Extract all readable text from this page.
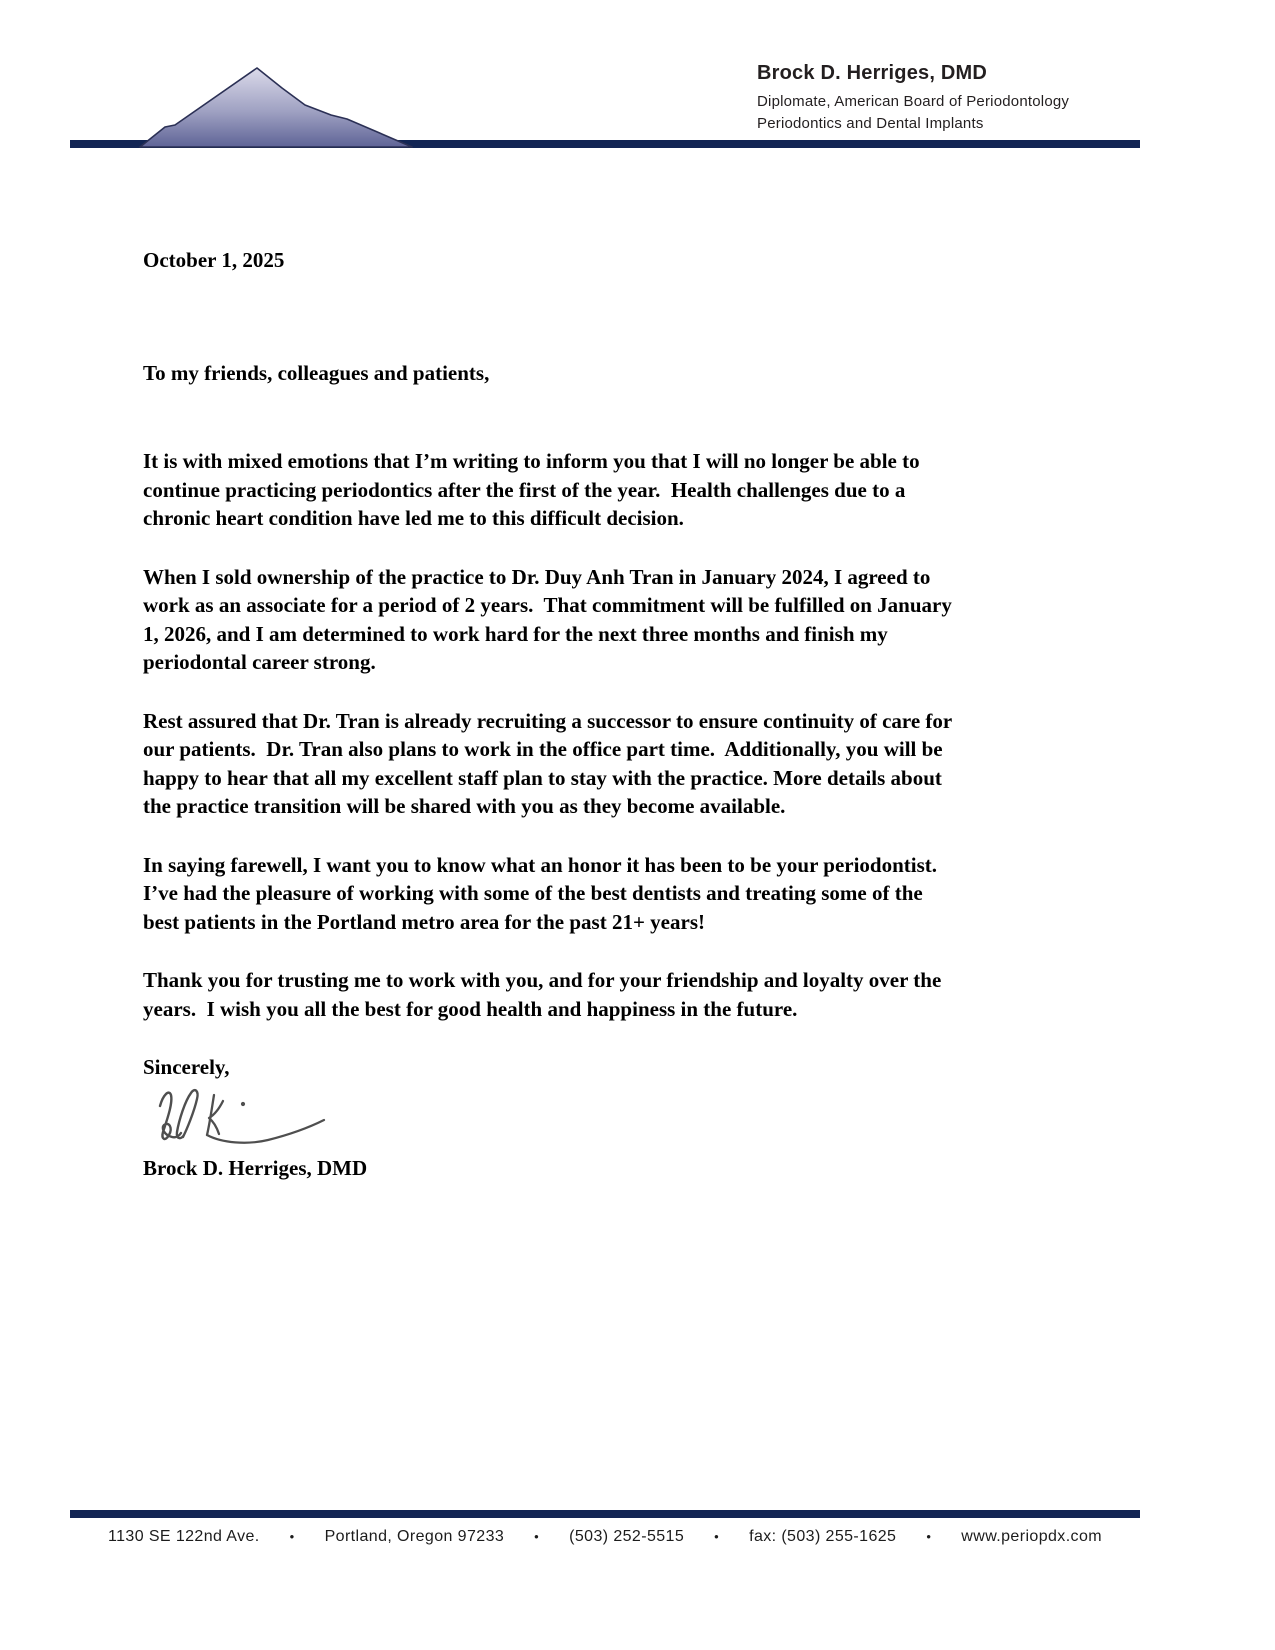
Brock D. Herriges, DMD
Diplomate, American Board of Periodontology
Periodontics and Dental Implants
October 1, 2025
To my friends, colleagues and patients,
It is with mixed emotions that I’m writing to inform you that I will no longer be able to
continue practicing periodontics after the first of the year.  Health challenges due to a
chronic heart condition have led me to this difficult decision.
When I sold ownership of the practice to Dr. Duy Anh Tran in January 2024, I agreed to
work as an associate for a period of 2 years.  That commitment will be fulfilled on January
1, 2026, and I am determined to work hard for the next three months and finish my
periodontal career strong.
Rest assured that Dr. Tran is already recruiting a successor to ensure continuity of care for
our patients.  Dr. Tran also plans to work in the office part time.  Additionally, you will be
happy to hear that all my excellent staff plan to stay with the practice. More details about
the practice transition will be shared with you as they become available.
In saying farewell, I want you to know what an honor it has been to be your periodontist.
I’ve had the pleasure of working with some of the best dentists and treating some of the
best patients in the Portland metro area for the past 21+ years!
Thank you for trusting me to work with you, and for your friendship and loyalty over the
years.  I wish you all the best for good health and happiness in the future.
Sincerely,
Brock D. Herriges, DMD
1130 SE 122nd Ave. • Portland, Oregon 97233 • (503) 252-5515 • fax: (503) 255-1625 • www.periopdx.com
